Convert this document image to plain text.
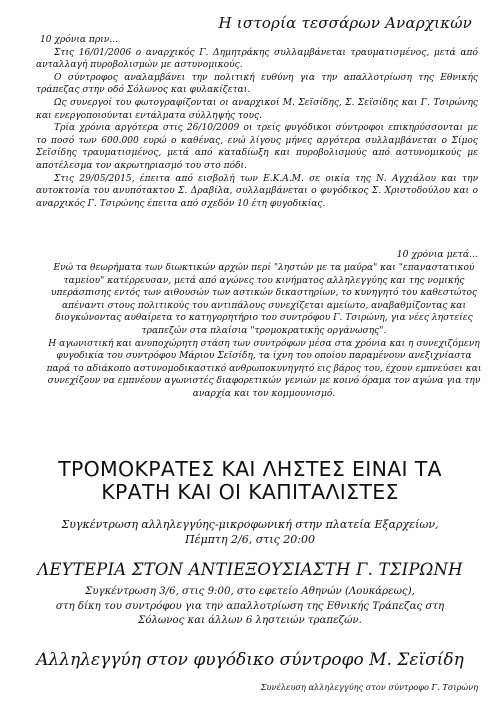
Η ιστορία τεσσάρων Αναρχικών
10 χρόνια πριν...

Στις 16/01/2006 ο αναρχικός Γ. Δημητράκης συλλαμβάνεται τραυματισμένος, μετά από ανταλλαγή πυροβολισμών με αστυνομικούς.

Ο σύντροφος αναλαμβάνει την πολιτική ευθύνη για την απαλλοτρίωση της Εθνικής τράπεζας στην οδό Σόλωνος και φυλακίζεται.

Ως συνεργοί του φωτογραφίζονται οι αναρχικοί Μ. Σεϊσίδης, Σ. Σεϊσίδης και Γ. Τσιρώνης και ενεργοποιούνται εντάλματα σύλληψής τους.

Τρία χρόνια αργότερα στις 26/10/2009 οι τρείς φυγόδικοι σύντροφοι επικηρύσσονται με το ποσό των 600.000 ευρώ ο καθένας, ενώ λίγους μήνες αργότερα συλλαμβάνεται ο Σίμος Σεϊσίδης τραυματισμένος, μετά από καταδίωξη και πυροβολισμούς από αστυνομικούς με αποτέλεσμα τον ακρωτηριασμό του στο πόδι.

Στις 29/05/2015, έπειτα από εισβολή των Ε.Κ.Α.Μ. σε οικία της Ν. Αγχιάλου και την αυτοκτονία του ανυπότακτου Σ. Δραβίλα, συλλαμβάνεται ο φυγόδικος Σ. Χριστοδούλου και ο αναρχικός Γ. Τσιρώνης έπειτα από σχεδόν 10 έτη φυγοδικίας.

10 χρόνια μετά...

Ενώ τα θεωρήματα των διωκτικών αρχών περί "ληστών με τα μαύρα" και "επαναστατικού ταμείου" κατέρρευσαν, μετά από αγώνες του κινήματος αλληλεγγύης και της νομικής υπεράσπισης εντός των αιθουσών των αστικών δικαστηρίων, το κυνηγητό του καθεστώτος απέναντι στους πολιτικούς του αντιπάλους συνεχίζεται αμείωτο, αναβαθμίζοντας και διογκώνοντας αυθαίρετα το κατηγορητήριο του συντρόφου Γ. Τσιρώνη, για νέες ληστείες τραπεζών στα πλαίσια "τρομοκρατικής οργάνωσης".

Η αγωνιστική και ανυποχώρητη στάση των συντρόφων μέσα στα χρόνια και η συνεχιζόμενη φυγοδικία του συντρόφου Μάριου Σεϊσίδη, τα ίχνη του οποίου παραμένουν ανεξιχνίαστα παρά το αδιάκοπο αστυνομοδικαστικό ανθρωποκυνηγητό εις βάρος του, έχουν εμπνεύσει και συνεχίζουν να εμπνέουν αγωνιστές διαφορετικών γενιών με κοινό όραμα τον αγώνα για την αναρχία και τον κομμουνισμό.

ΤΡΟΜΟΚΡΑΤΕΣ ΚΑΙ ΛΗΣΤΕΣ ΕΙΝΑΙ ΤΑ
ΚΡΑΤΗ ΚΑΙ ΟΙ ΚΑΠΙΤΑΛΙΣΤΕΣ
Συγκέντρωση αλληλεγγύης-μικροφωνική στην πλατεία Εξαρχείων,
Πέμπτη 2/6, στις 20:00
ΛΕΥΤΕΡΙΑ ΣΤΟΝ ΑΝΤΙΕΞΟΥΣΙΑΣΤΗ Γ. ΤΣΙΡΩΝΗ
Συγκέντρωση 3/6, στις 9:00, στο εφετείο Αθηνών (Λουκάρεως),
στη δίκη του συντρόφου για την απαλλοτρίωση της Εθνικής Τράπεζας στη
Σόλωνος και άλλων 6 ληστειών τραπεζών.
Αλληλεγγύη στον φυγόδικο σύντροφο Μ. Σεϊσίδη
Συνέλευση αλληλεγγύης στον σύντροφο Γ. Τσιρώνη
